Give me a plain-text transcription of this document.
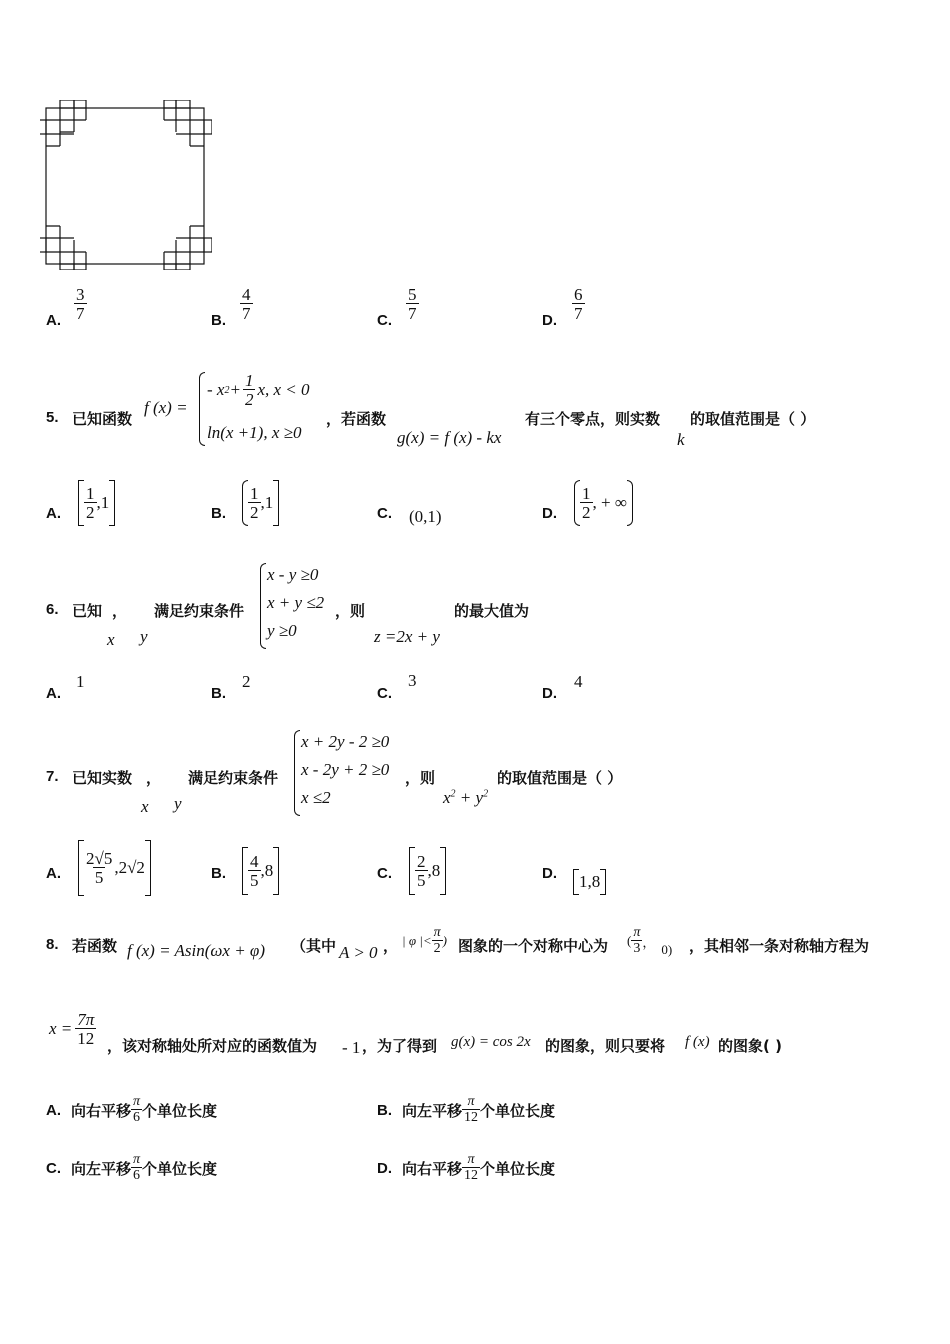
A. $\frac{3}{7}$	B. $\frac{4}{7}$	C. $\frac{5}{7}$	D. $\frac{6}{7}$
5. 已知函数
f (x) =
- x $2 + \frac{1}{2} x$, x < 0
ln(x +1), x ≥0
，若函数
g(x) = f (x) - kx
有三个零点，则实数
k
的取值范围是（ ）
A. $\frac{1}{2} ,1$
B. $\frac{1}{2} ,1$
C. (0,1)	D. $\frac{1}{2}$ , + ∞
6. 已知
x
，
y
满足约束条件
x - y ≥0
x + y ≤2
y ≥0
，则
z =2x + y
的最大值为
A.
1
B.
2
C.
3
D.
4
7. 已知实数
x
，
y
满足约束条件
x + 2y - 2 ≥0
x - 2y + 2 ≥0
x ≤2
，则
$x^2 + y^2$
的取值范围是（ ）
A. $\frac{2√5}{5} ,2√2$	B. $\frac{4}{5} ,8$	C. $\frac{2}{5} ,8$	D. 1,8
8. 若函数 f (x) = Asin(ωx + φ) （其中 A > 0 ， | φ |< $\frac{\pi}{2}$ ) 图象的一个对称中心为 ( $\frac{\pi}{3}$ ， 0) ，其相邻一条对称轴方程为
$x = \frac{7\pi}{12}$ ，该对称轴处所对应的函数值为 - 1 ，为了得到 g(x) = cos 2x 的图象，则只要将 f (x) 的图象( )
A. 向右平移 $\frac{\pi}{6}$ 个单位长度	B. 向左平移 $\frac{\pi}{12}$ 个单位长度
C. 向左平移 $\frac{\pi}{6}$ 个单位长度	D. 向右平移 $\frac{\pi}{12}$ 个单位长度
